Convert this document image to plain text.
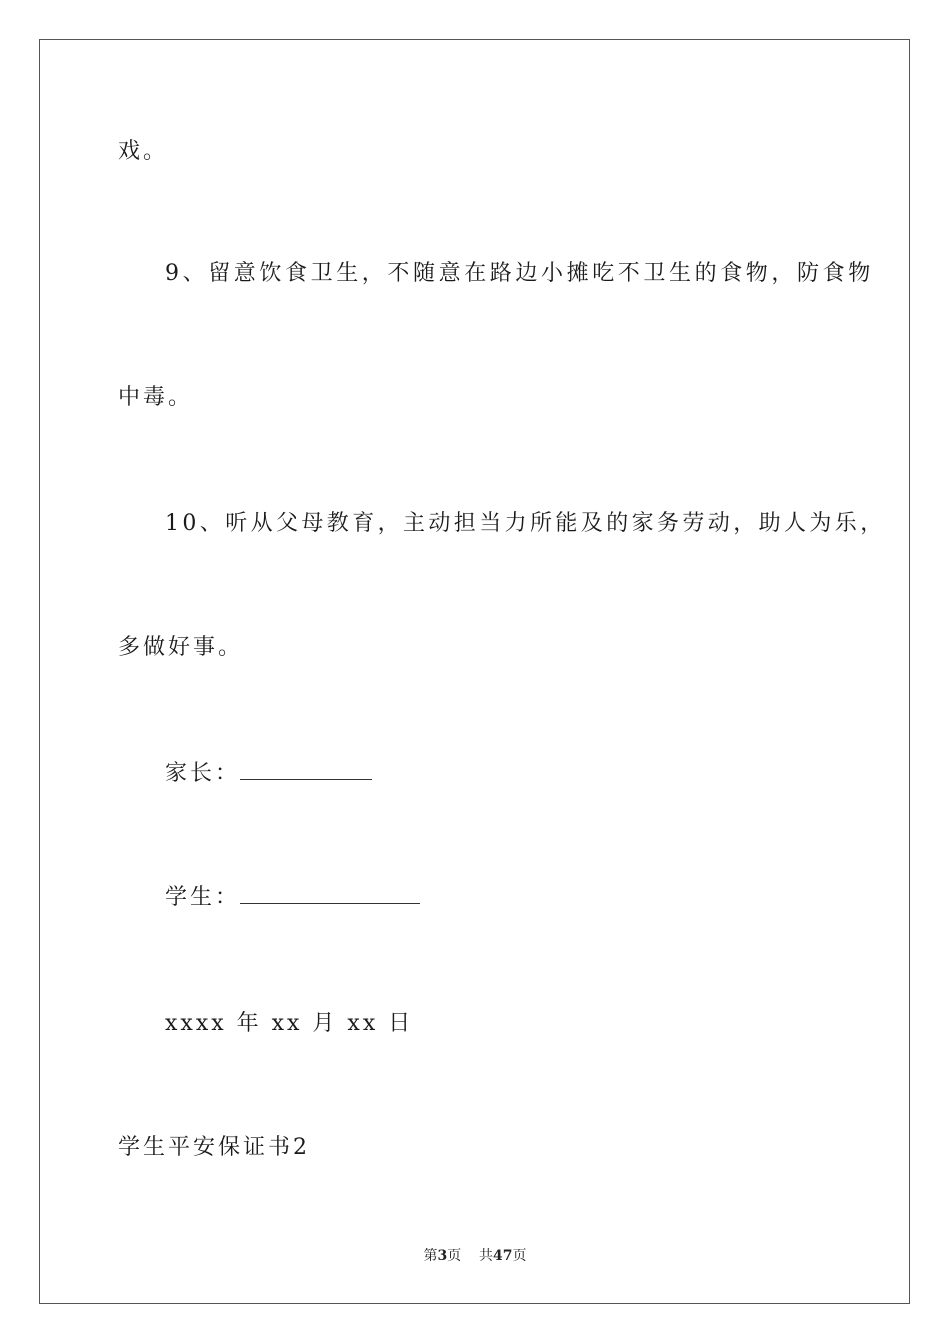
戏。
9、留意饮食卫生，不随意在路边小摊吃不卫生的食物，防食物
中毒。
10、听从父母教育，主动担当力所能及的家务劳动，助人为乐，
多做好事。
家长：
学生：
xxxx 年 xx 月 xx 日
学生平安保证书2
第3页 共47页
